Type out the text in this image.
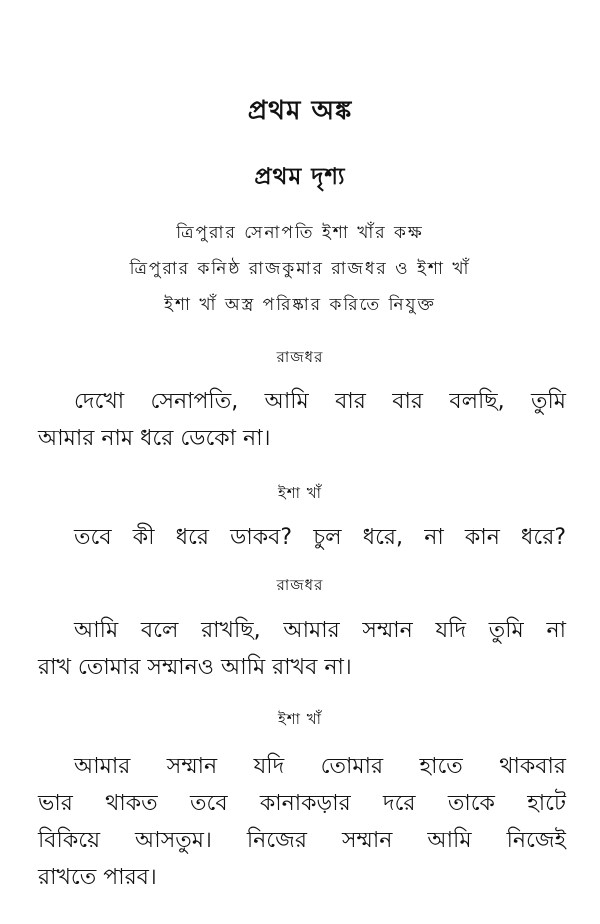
প্রথম অঙ্ক
প্রথম দৃশ্য
ত্রিপুরার সেনাপতি ইশা খাঁর কক্ষ
ত্রিপুরার কনিষ্ঠ রাজকুমার রাজধর ও ইশা খাঁ
ইশা খাঁ অস্ত্র পরিষ্কার করিতে নিযুক্ত
রাজধর
দেখো সেনাপতি, আমি বার বার বলছি, তুমি
আমার নাম ধরে ডেকো না।
ইশা খাঁ
তবে কী ধরে ডাকব? চুল ধরে, না কান ধরে?
রাজধর
আমি বলে রাখছি, আমার সম্মান যদি তুমি না
রাখ তোমার সম্মানও আমি রাখব না।
ইশা খাঁ
আমার সম্মান যদি তোমার হাতে থাকবার
ভার থাকত তবে কানাকড়ার দরে তাকে হাটে
বিকিয়ে আসতুম। নিজের সম্মান আমি নিজেই
রাখতে পারব।
